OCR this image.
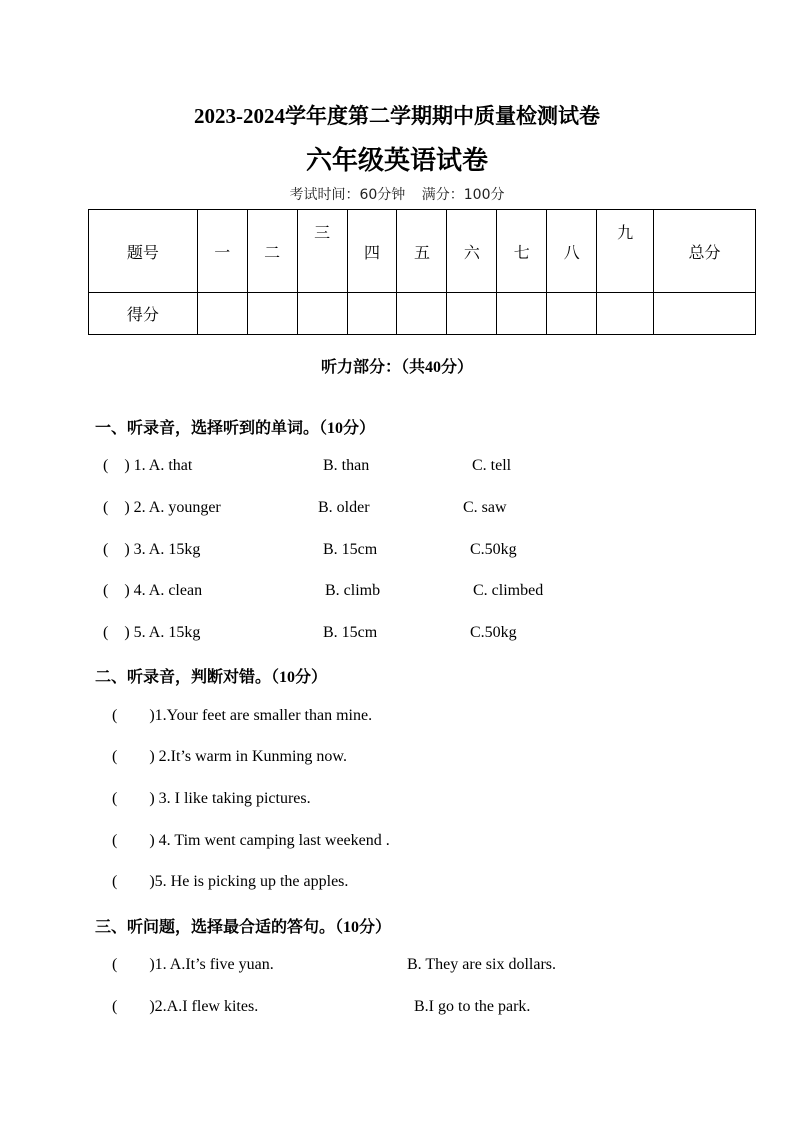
2023-2024学年度第二学期期中质量检测试卷
六年级英语试卷
考试时间：60分钟 满分：100分
题号	一	二	三	四	五	六	七	八	九	总分
得分										
听力部分：（共40分）
一、听录音，选择听到的单词。（10分）
(    ) 1. A. that	B. than	C. tell
(    ) 2. A. younger	B. older	C. saw
(    ) 3. A. 15kg	B. 15cm	C.50kg
(    ) 4. A. clean	B. climb	C. climbed
(    ) 5. A. 15kg	B. 15cm	C.50kg
二、听录音，判断对错。（10分）
(        )1.Your feet are smaller than mine.
(        ) 2.It’s warm in Kunming now.
(        ) 3. I like taking pictures.
(        ) 4. Tim went camping last weekend .
(        )5. He is picking up the apples.
三、听问题，选择最合适的答句。（10分）
(        )1. A.It’s five yuan.	B. They are six dollars.
(        )2.A.I flew kites.	B.I go to the park.
